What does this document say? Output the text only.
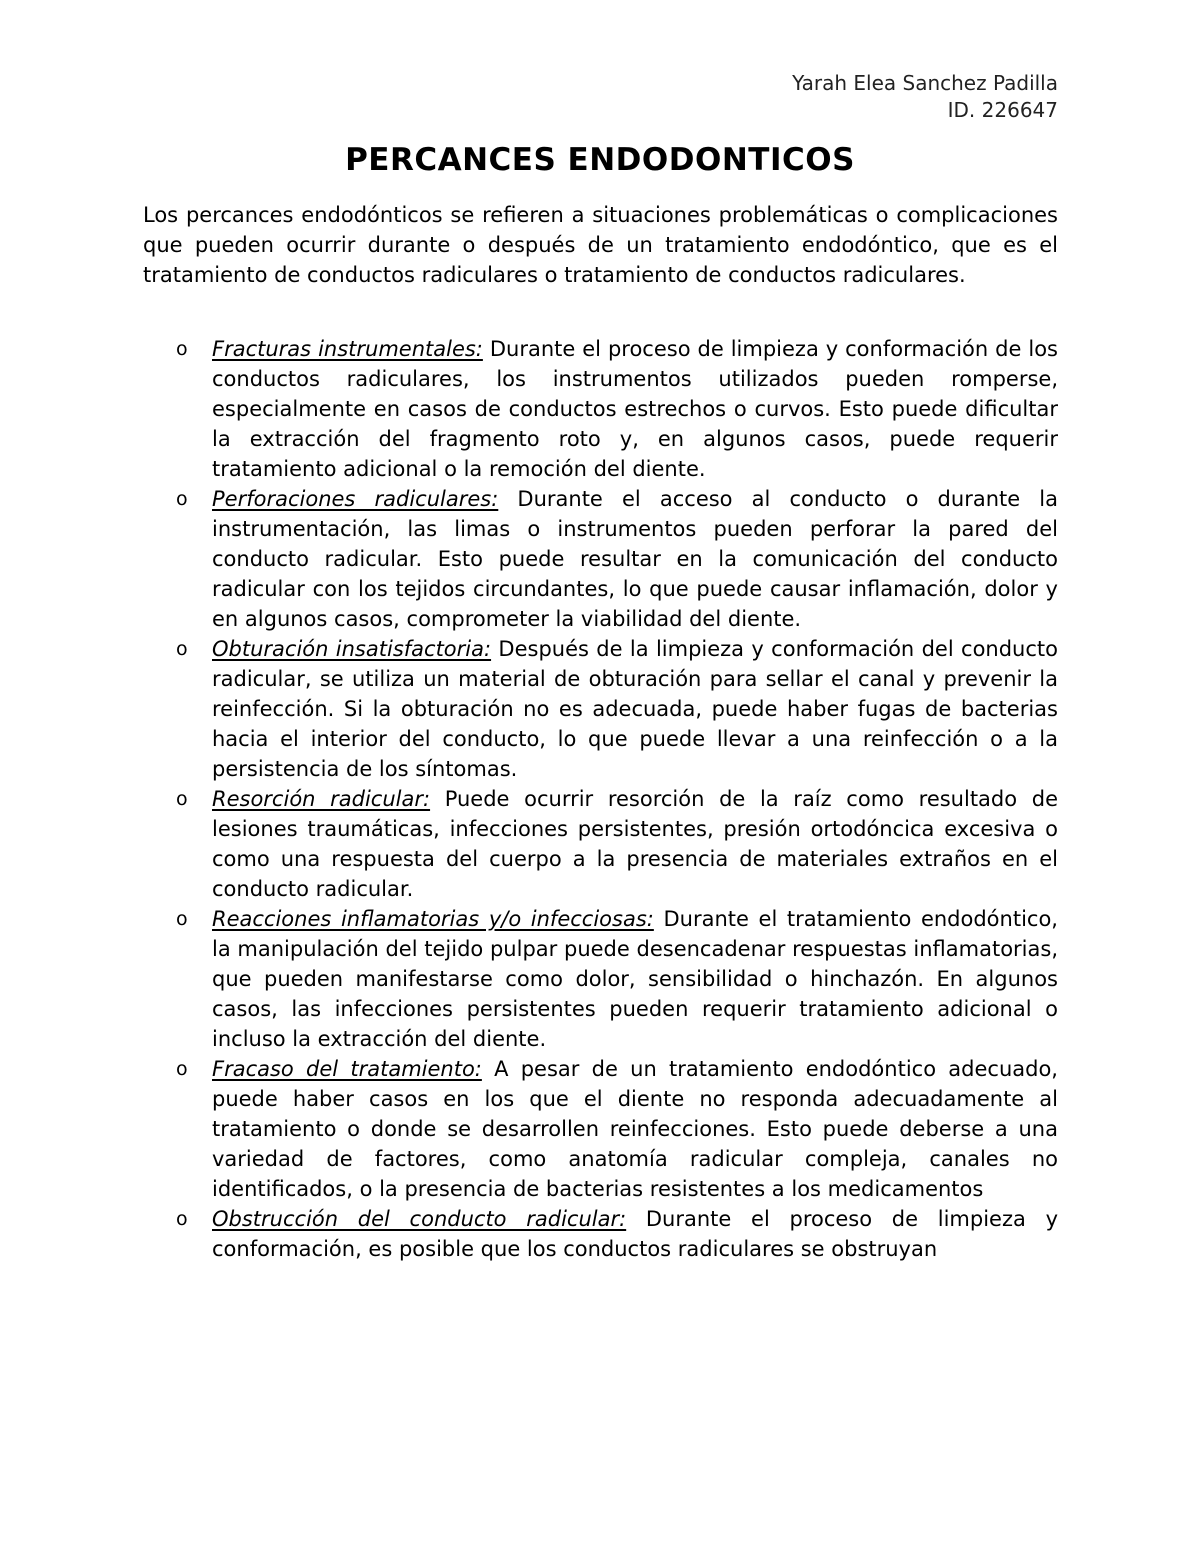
Yarah Elea Sanchez Padilla
ID. 226647
PERCANCES ENDODONTICOS

Los percances endodónticos se refieren a situaciones problemáticas o complicaciones que pueden ocurrir durante o después de un tratamiento endodóntico, que es el tratamiento de conductos radiculares o tratamiento de conductos radiculares.

o Fracturas instrumentales: Durante el proceso de limpieza y conformación de los conductos radiculares, los instrumentos utilizados pueden romperse, especialmente en casos de conductos estrechos o curvos. Esto puede dificultar la extracción del fragmento roto y, en algunos casos, puede requerir tratamiento adicional o la remoción del diente.
o Perforaciones radiculares: Durante el acceso al conducto o durante la instrumentación, las limas o instrumentos pueden perforar la pared del conducto radicular. Esto puede resultar en la comunicación del conducto radicular con los tejidos circundantes, lo que puede causar inflamación, dolor y en algunos casos, comprometer la viabilidad del diente.
o Obturación insatisfactoria: Después de la limpieza y conformación del conducto radicular, se utiliza un material de obturación para sellar el canal y prevenir la reinfección. Si la obturación no es adecuada, puede haber fugas de bacterias hacia el interior del conducto, lo que puede llevar a una reinfección o a la persistencia de los síntomas.
o Resorción radicular: Puede ocurrir resorción de la raíz como resultado de lesiones traumáticas, infecciones persistentes, presión ortodóncica excesiva o como una respuesta del cuerpo a la presencia de materiales extraños en el conducto radicular.
o Reacciones inflamatorias y/o infecciosas: Durante el tratamiento endodóntico, la manipulación del tejido pulpar puede desencadenar respuestas inflamatorias, que pueden manifestarse como dolor, sensibilidad o hinchazón. En algunos casos, las infecciones persistentes pueden requerir tratamiento adicional o incluso la extracción del diente.
o Fracaso del tratamiento: A pesar de un tratamiento endodóntico adecuado, puede haber casos en los que el diente no responda adecuadamente al tratamiento o donde se desarrollen reinfecciones. Esto puede deberse a una variedad de factores, como anatomía radicular compleja, canales no identificados, o la presencia de bacterias resistentes a los medicamentos
o Obstrucción del conducto radicular: Durante el proceso de limpieza y conformación, es posible que los conductos radiculares se obstruyan
